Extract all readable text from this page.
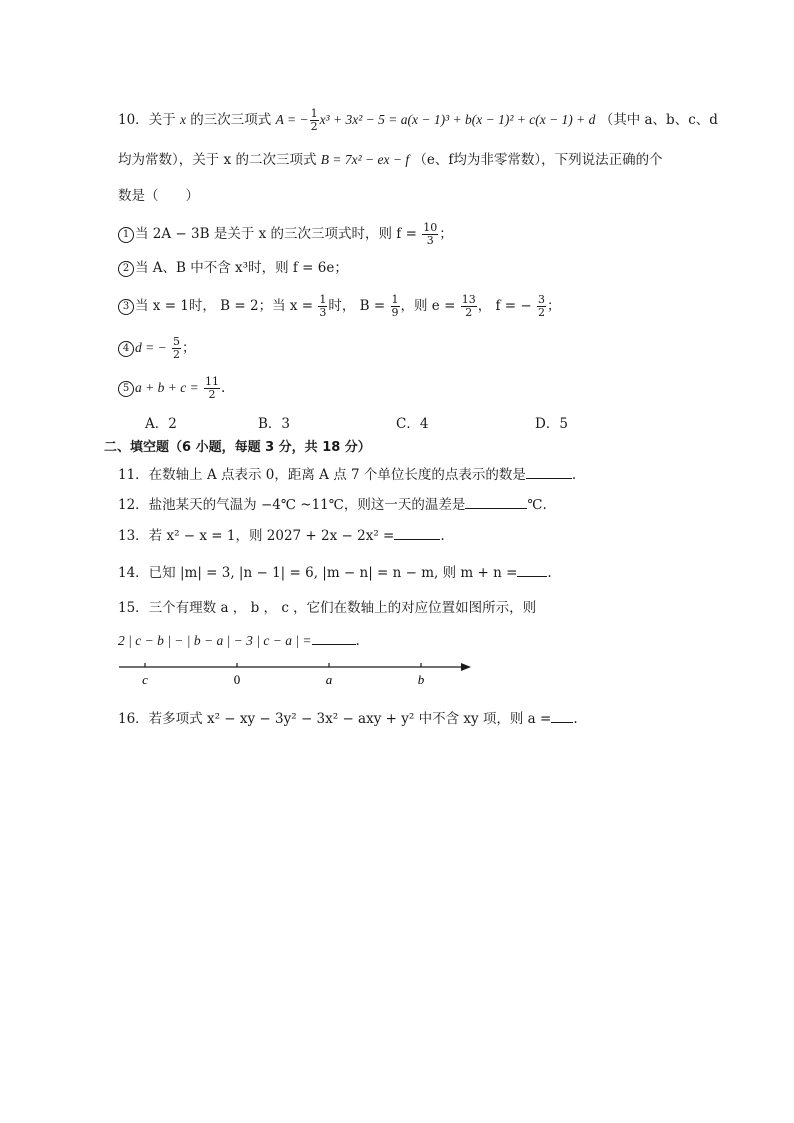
10．关于 x 的三次三项式 A = − $\frac{1}{2} x^3 + 3x^2 - 5 = a(x - 1)^3 + b(x - 1)^2 + c(x - 1) + d$ （其中 a、b、c、d
均为常数），关于 x 的二次三项式 B = 7x² − ex − f （e、f均为非零常数），下列说法正确的个
数是（　　）
1 当 2A − 3B 是关于 x 的三次三项式时，则 $f = \frac{10}{3}$ ；
2 当 A、B 中不含 x³时，则 f = 6e；
3 当 x = 1时， B = 2；当 $x = \frac{1}{3}$ 时， $B = \frac{1}{9}$ ，则 $e = \frac{13}{2}$ ， f = − $\frac{3}{2}$ ；
4 d = − $\frac{5}{2}$ ；
5 $a + b + c = \frac{11}{2}$ .
A．2	B．3	C．4	D．5
二、填空题（6 小题，每题 3 分，共 18 分）
11．在数轴上 A 点表示 0，距离 A 点 7 个单位长度的点表示的数是	.
12．盐池某天的气温为 −4℃ ~11℃，则这一天的温差是	℃.
13．若 x² − x = 1，则 2027 + 2x − 2x² =	.
14．已知 |m| = 3, |n − 1| = 6, |m − n| = n − m, 则 m + n = .
15．三个有理数 a ， b ， c ，它们在数轴上的对应位置如图所示，则
2 | c − b | − | b − a | − 3 | c − a | =	.
c	0	a	b
16．若多项式 x² − xy − 3y² − 3x² − axy + y² 中不含 xy 项，则 a = .
